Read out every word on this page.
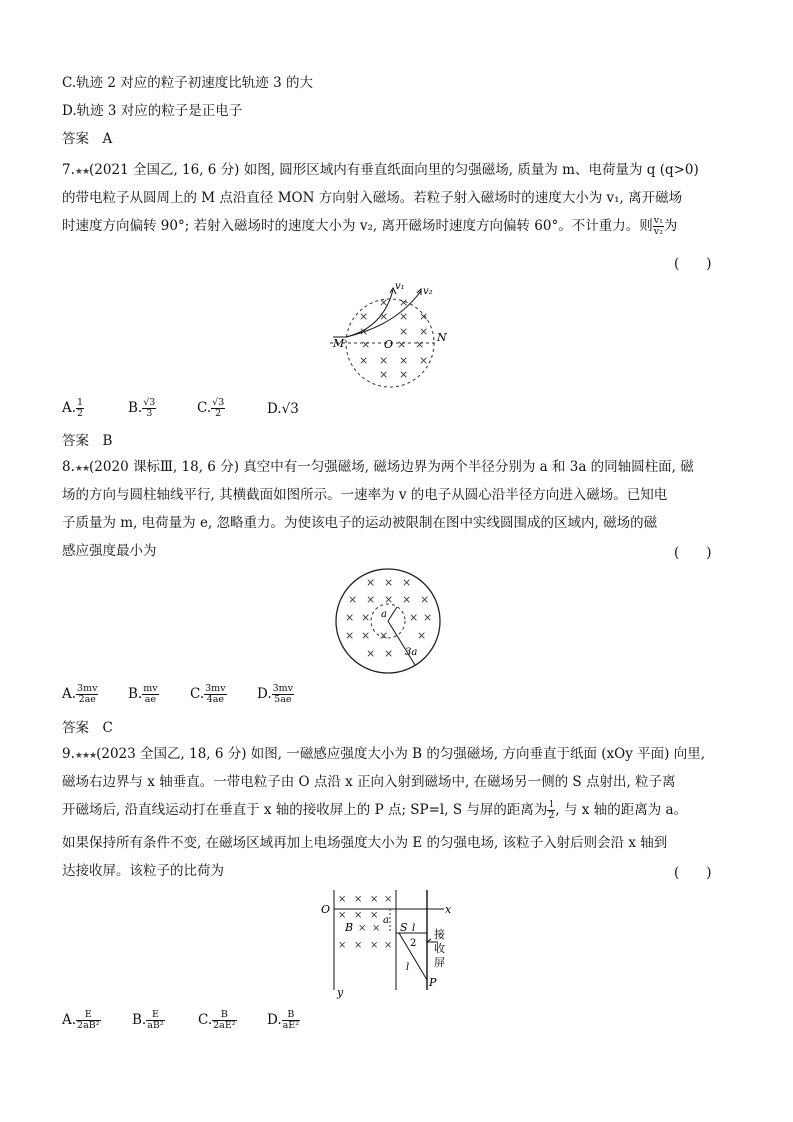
C.轨迹 2 对应的粒子初速度比轨迹 3 的大
D.轨迹 3 对应的粒子是正电子
答案　A
7.★★(2021 全国乙, 16, 6 分) 如图, 圆形区域内有垂直纸面向里的匀强磁场, 质量为 m、电荷量为 q (q>0)
的带电粒子从圆周上的 M 点沿直径 MON 方向射入磁场。若粒子射入磁场时的速度大小为 v₁, 离开磁场
时速度方向偏转 90°; 若射入磁场时的速度大小为 v₂, 离开磁场时速度方向偏转 60°。不计重力。则 $\frac{\text{v₁}}{\text{v₂}}$ 为
(　　)
v₁ v₂
M	O
N
× ×
× × × ×
×	× ×
× × ×
× × × ×
× ×
A. $\frac{1}{2}$	B. $\frac{√3}{3}$	C. $\frac{√3}{2}$	D.√3
答案　B
8.★★(2020 课标Ⅲ, 18, 6 分) 真空中有一匀强磁场, 磁场边界为两个半径分别为 a 和 3a 的同轴圆柱面, 磁
场的方向与圆柱轴线平行, 其横截面如图所示。一速率为 v 的电子从圆心沿半径方向进入磁场。已知电
子质量为 m, 电荷量为 e, 忽略重力。为使该电子的运动被限制在图中实线圆围成的区域内, 磁场的磁
感应强度最小为	(　　)
a
3a
× × ×
× × × × ×
× ×	× ×
× × ×	×
× ×
A. $\frac{3mv}{2ae} B$. $\frac{mv}{ae} C$. $\frac{3mv}{4ae} D$. $\frac{3mv}{5ae}$
答案　C
9.★★★(2023 全国乙, 18, 6 分) 如图, 一磁感应强度大小为 B 的匀强磁场, 方向垂直于纸面 (xOy 平面) 向里,
磁场右边界与 x 轴垂直。一带电粒子由 O 点沿 x 正向入射到磁场中, 在磁场另一侧的 S 点射出, 粒子离
开磁场后, 沿直线运动打在垂直于 x 轴的接收屏上的 P 点; SP=l, S 与屏的距离为 $\frac{l}{2}$ , 与 x 轴的距离为 a。
如果保持所有条件不变, 在磁场区域再加上电场强度大小为 E 的匀强电场, 该粒子入射后则会沿 x 轴到
达接收屏。该粒子的比荷为	(　　)
O	x
y
B	S
a
l
2
l
P
接
收
屏
× × × ×
× × ×
× ×
× × × ×
A. $\frac{E}{\text{2aB²}} B$. $\frac{E}{\text{aB²}} C$. $\frac{B}{\text{2aE²}} D$. $\frac{B}{\text{aE²}}$
